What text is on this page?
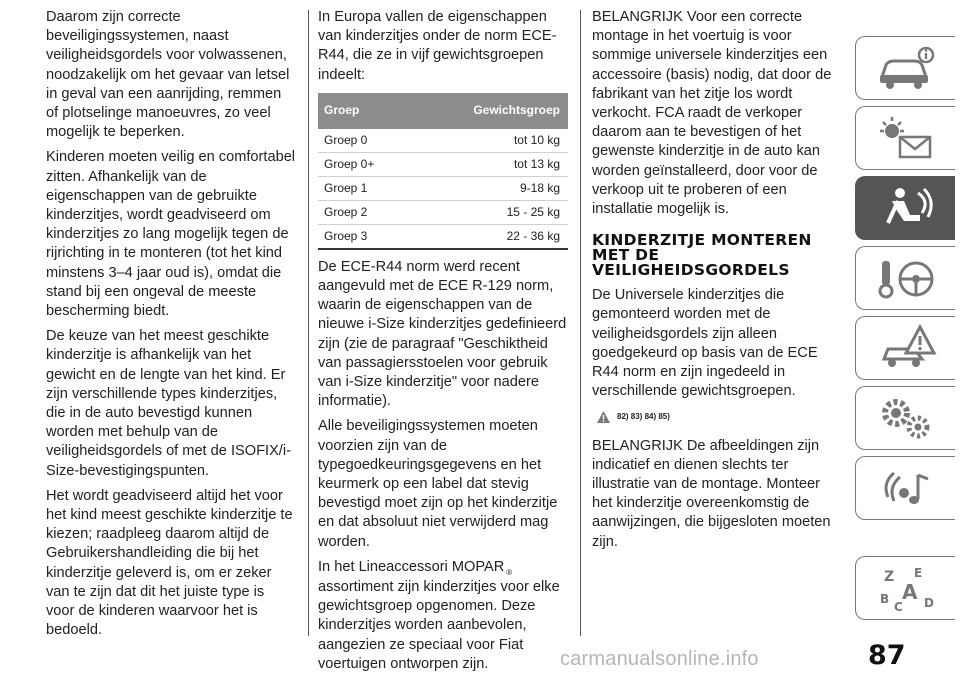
Daarom zijn correcte beveiligingssystemen, naast veiligheidsgordels voor volwassenen, noodzakelijk om het gevaar van letsel in geval van een aanrijding, remmen of plotselinge manoeuvres, zo veel mogelijk te beperken.

Kinderen moeten veilig en comfortabel zitten. Afhankelijk van de eigenschappen van de gebruikte kinderzitjes, wordt geadviseerd om kinderzitjes zo lang mogelijk tegen de rijrichting in te monteren (tot het kind minstens 3–4 jaar oud is), omdat die stand bij een ongeval de meeste bescherming biedt.

De keuze van het meest geschikte kinderzitje is afhankelijk van het gewicht en de lengte van het kind. Er zijn verschillende types kinderzitjes, die in de auto bevestigd kunnen worden met behulp van de veiligheidsgordels of met de ISOFIX/i-Size-bevestigingspunten.

Het wordt geadviseerd altijd het voor het kind meest geschikte kinderzitje te kiezen; raadpleeg daarom altijd de Gebruikershandleiding die bij het kinderzitje geleverd is, om er zeker van te zijn dat dit het juiste type is voor de kinderen waarvoor het is bedoeld.

In Europa vallen de eigenschappen van kinderzitjes onder de norm ECE-R44, die ze in vijf gewichtsgroepen indeelt:

Groep	Gewichtsgroep
Groep 0	tot 10 kg
Groep 0+	tot 13 kg
Groep 1	9-18 kg
Groep 2	15 - 25 kg
Groep 3	22 - 36 kg

De ECE-R44 norm werd recent aangevuld met de ECE R-129 norm, waarin de eigenschappen van de nieuwe i-Size kinderzitjes gedefinieerd zijn (zie de paragraaf "Geschiktheid van passagiersstoelen voor gebruik van i-Size kinderzitje" voor nadere informatie).

Alle beveiligingssystemen moeten voorzien zijn van de typegoedkeuringsgegevens en het keurmerk op een label dat stevig bevestigd moet zijn op het kinderzitje en dat absoluut niet verwijderd mag worden.

In het Lineaccessori MOPAR ® assortiment zijn kinderzitjes voor elke gewichtsgroep opgenomen. Deze kinderzitjes worden aanbevolen, aangezien ze speciaal voor Fiat voertuigen ontworpen zijn.

BELANGRIJK Voor een correcte montage in het voertuig is voor sommige universele kinderzitjes een accessoire (basis) nodig, dat door de fabrikant van het zitje los wordt verkocht. FCA raadt de verkoper daarom aan te bevestigen of het gewenste kinderzitje in de auto kan worden geïnstalleerd, door voor de verkoop uit te proberen of een installatie mogelijk is.

KINDERZITJE MONTEREN MET DE VEILIGHEIDSGORDELS

De Universele kinderzitjes die gemonteerd worden met de veiligheidsgordels zijn alleen goedgekeurd op basis van de ECE R44 norm en zijn ingedeeld in verschillende gewichtsgroepen.

82) 83) 84) 85)

BELANGRIJK De afbeeldingen zijn indicatief en dienen slechts ter illustratie van de montage. Monteer het kinderzitje overeenkomstig de aanwijzingen, die bijgesloten moeten zijn.

Z E
B A
C D
87
carmanualsonline.info
